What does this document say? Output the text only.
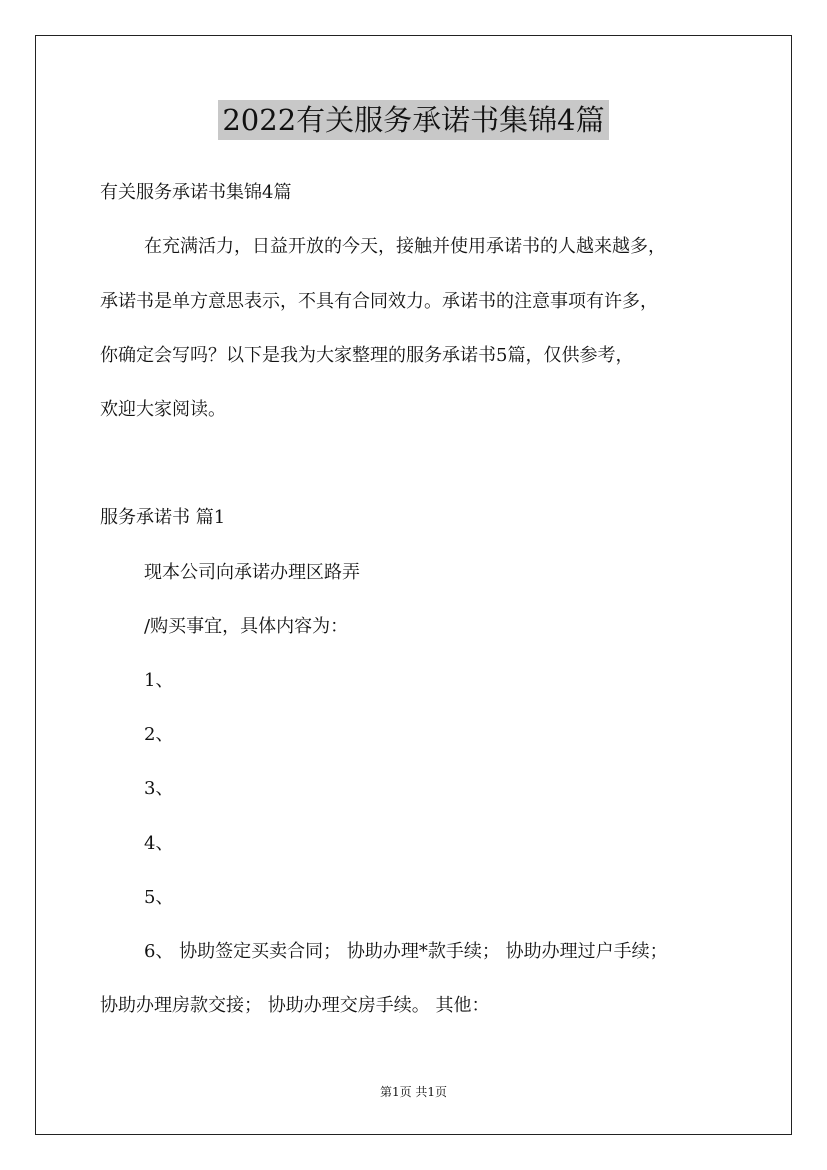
2022有关服务承诺书集锦4篇
有关服务承诺书集锦4篇
在充满活力，日益开放的今天，接触并使用承诺书的人越来越多，
承诺书是单方意思表示，不具有合同效力。承诺书的注意事项有许多，
你确定会写吗？以下是我为大家整理的服务承诺书5篇，仅供参考，
欢迎大家阅读。
服务承诺书 篇1
现本公司向承诺办理区路弄
/购买事宜，具体内容为：
1、
2、
3、
4、
5、
6、 协助签定买卖合同； 协助办理*款手续； 协助办理过户手续；
协助办理房款交接； 协助办理交房手续。 其他：
第1页 共1页
